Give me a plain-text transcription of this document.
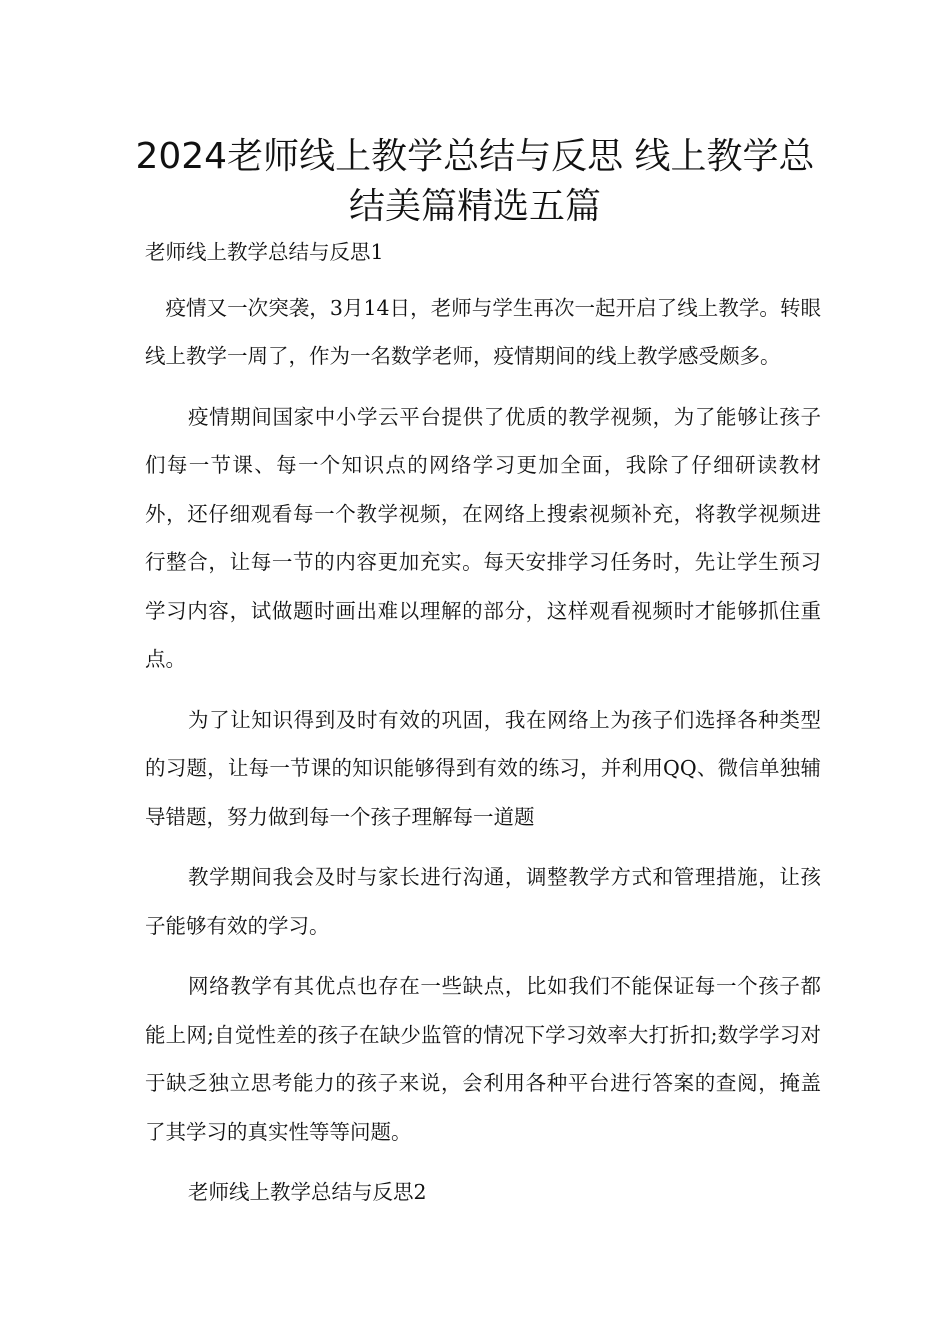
2024老师线上教学总结与反思 线上教学总结美篇精选五篇

老师线上教学总结与反思1

疫情又一次突袭，3月14日，老师与学生再次一起开启了线上教学。转眼线上教学一周了，作为一名数学老师，疫情期间的线上教学感受颇多。

疫情期间国家中小学云平台提供了优质的教学视频，为了能够让孩子们每一节课、每一个知识点的网络学习更加全面，我除了仔细研读教材外，还仔细观看每一个教学视频，在网络上搜索视频补充，将教学视频进行整合，让每一节的内容更加充实。每天安排学习任务时，先让学生预习学习内容，试做题时画出难以理解的部分，这样观看视频时才能够抓住重点。

为了让知识得到及时有效的巩固，我在网络上为孩子们选择各种类型的习题，让每一节课的知识能够得到有效的练习，并利用QQ、微信单独辅导错题，努力做到每一个孩子理解每一道题

教学期间我会及时与家长进行沟通，调整教学方式和管理措施，让孩子能够有效的学习。

网络教学有其优点也存在一些缺点，比如我们不能保证每一个孩子都能上网;自觉性差的孩子在缺少监管的情况下学习效率大打折扣;数学学习对于缺乏独立思考能力的孩子来说，会利用各种平台进行答案的查阅，掩盖了其学习的真实性等等问题。

老师线上教学总结与反思2
